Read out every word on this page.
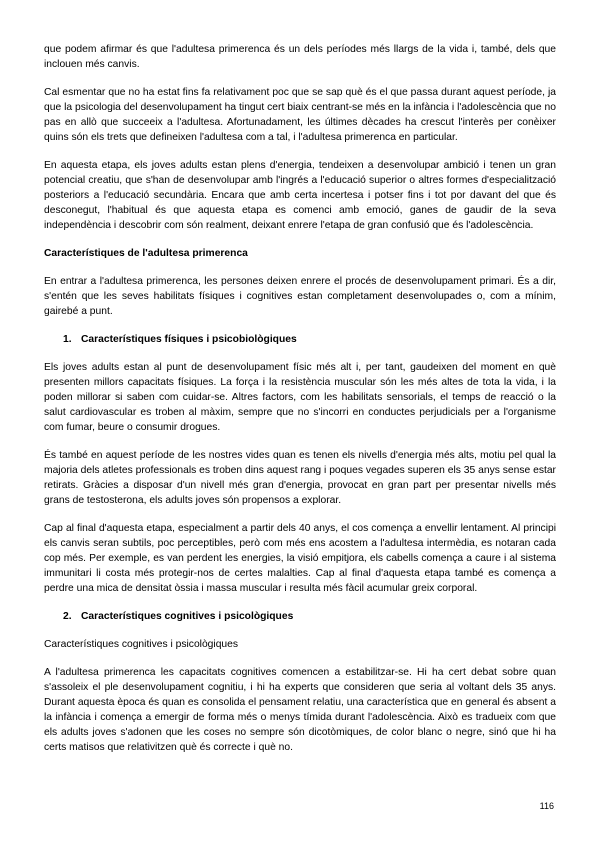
que podem afirmar és que l'adultesa primerenca és un dels períodes més llargs de la vida i, també, dels que inclouen més canvis.

Cal esmentar que no ha estat fins fa relativament poc que se sap què és el que passa durant aquest període, ja que la psicologia del desenvolupament ha tingut cert biaix centrant-se més en la infància i l'adolescència que no pas en allò que succeeix a l'adultesa. Afortunadament, les últimes dècades ha crescut l'interès per conèixer quins són els trets que defineixen l'adultesa com a tal, i l'adultesa primerenca en particular.

En aquesta etapa, els joves adults estan plens d'energia, tendeixen a desenvolupar ambició i tenen un gran potencial creatiu, que s'han de desenvolupar amb l'ingrés a l'educació superior o altres formes d'especialització posteriors a l'educació secundària. Encara que amb certa incertesa i potser fins i tot por davant del que és desconegut, l'habitual és que aquesta etapa es comenci amb emoció, ganes de gaudir de la seva independència i descobrir com són realment, deixant enrere l'etapa de gran confusió que és l'adolescència.

Característiques de l'adultesa primerenca

En entrar a l'adultesa primerenca, les persones deixen enrere el procés de desenvolupament primari. És a dir, s'entén que les seves habilitats físiques i cognitives estan completament desenvolupades o, com a mínim, gairebé a punt.

1. Característiques físiques i psicobiològiques

Els joves adults estan al punt de desenvolupament físic més alt i, per tant, gaudeixen del moment en què presenten millors capacitats físiques. La força i la resistència muscular són les més altes de tota la vida, i la poden millorar si saben com cuidar-se. Altres factors, com les habilitats sensorials, el temps de reacció o la salut cardiovascular es troben al màxim, sempre que no s'incorri en conductes perjudicials per a l'organisme com fumar, beure o consumir drogues.

És també en aquest període de les nostres vides quan es tenen els nivells d'energia més alts, motiu pel qual la majoria dels atletes professionals es troben dins aquest rang i poques vegades superen els 35 anys sense estar retirats. Gràcies a disposar d'un nivell més gran d'energia, provocat en gran part per presentar nivells més grans de testosterona, els adults joves són propensos a explorar.

Cap al final d'aquesta etapa, especialment a partir dels 40 anys, el cos comença a envellir lentament. Al principi els canvis seran subtils, poc perceptibles, però com més ens acostem a l'adultesa intermèdia, es notaran cada cop més. Per exemple, es van perdent les energies, la visió empitjora, els cabells comença a caure i al sistema immunitari li costa més protegir-nos de certes malalties. Cap al final d'aquesta etapa també es comença a perdre una mica de densitat òssia i massa muscular i resulta més fàcil acumular greix corporal.

2. Característiques cognitives i psicològiques

Característiques cognitives i psicològiques

A l'adultesa primerenca les capacitats cognitives comencen a estabilitzar-se. Hi ha cert debat sobre quan s'assoleix el ple desenvolupament cognitiu, i hi ha experts que consideren que seria al voltant dels 35 anys. Durant aquesta època és quan es consolida el pensament relatiu, una característica que en general és absent a la infància i comença a emergir de forma més o menys tímida durant l'adolescència. Això es tradueix com que els adults joves s'adonen que les coses no sempre són dicotòmiques, de color blanc o negre, sinó que hi ha certs matisos que relativitzen què és correcte i què no.

116
